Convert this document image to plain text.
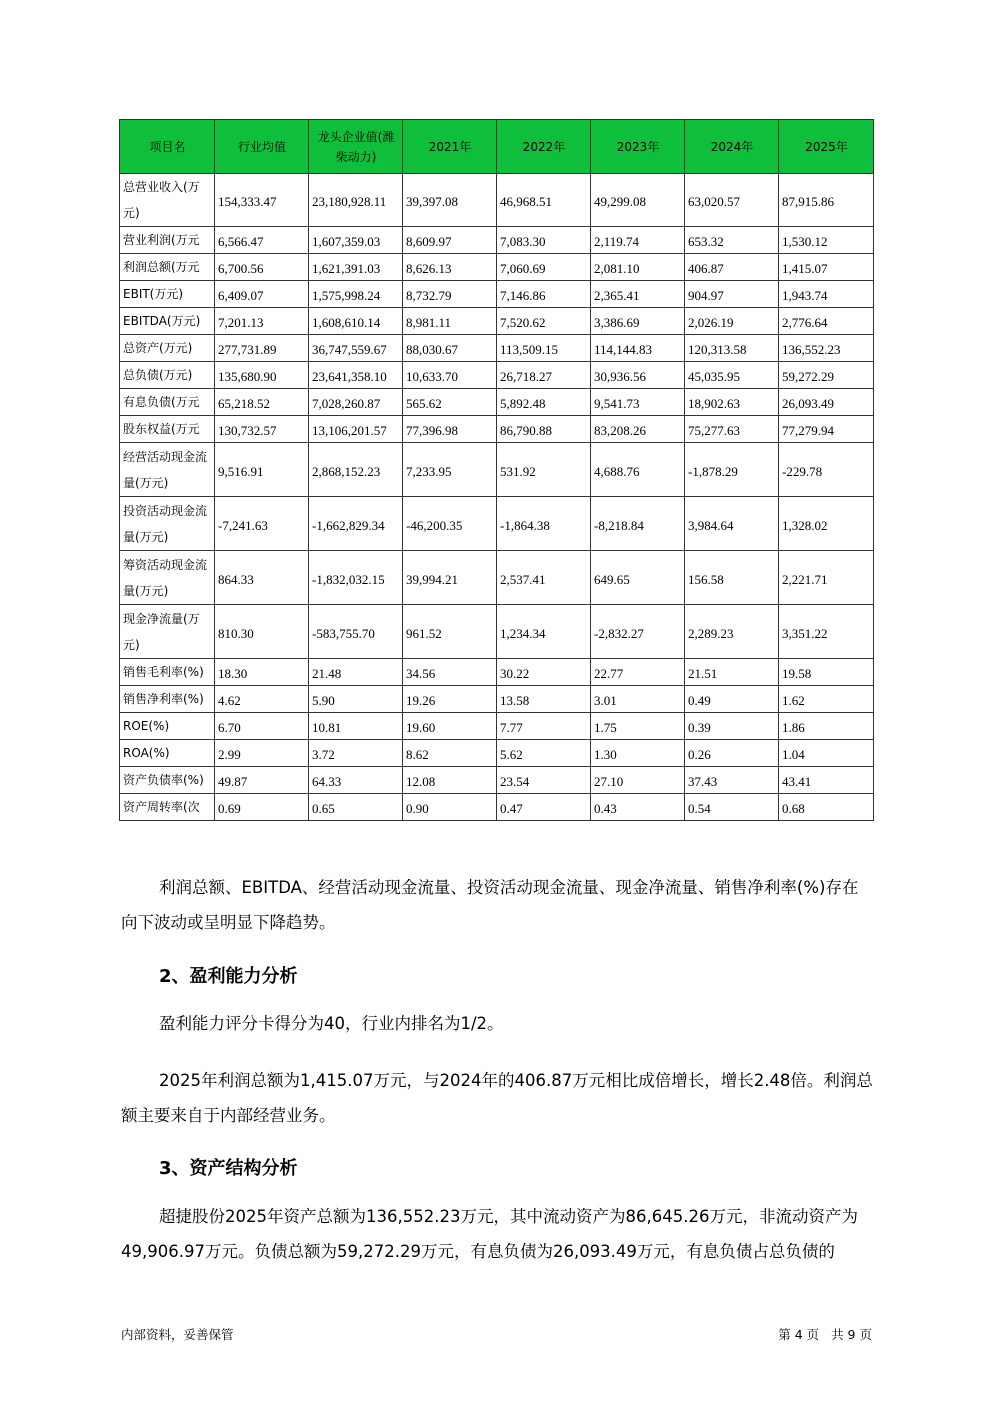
项目名	行业均值	龙头企业值(潍柴动力)	2021年	2022年	2023年	2024年	2025年
总营业收入(万元)	154,333.47	23,180,928.11	39,397.08	46,968.51	49,299.08	63,020.57	87,915.86
营业利润(万元	6,566.47	1,607,359.03	8,609.97	7,083.30	2,119.74	653.32	1,530.12
利润总额(万元	6,700.56	1,621,391.03	8,626.13	7,060.69	2,081.10	406.87	1,415.07
EBIT(万元)	6,409.07	1,575,998.24	8,732.79	7,146.86	2,365.41	904.97	1,943.74
EBITDA(万元)	7,201.13	1,608,610.14	8,981.11	7,520.62	3,386.69	2,026.19	2,776.64
总资产(万元)	277,731.89	36,747,559.67	88,030.67	113,509.15	114,144.83	120,313.58	136,552.23
总负债(万元)	135,680.90	23,641,358.10	10,633.70	26,718.27	30,936.56	45,035.95	59,272.29
有息负债(万元	65,218.52	7,028,260.87	565.62	5,892.48	9,541.73	18,902.63	26,093.49
股东权益(万元	130,732.57	13,106,201.57	77,396.98	86,790.88	83,208.26	75,277.63	77,279.94
经营活动现金流量(万元)	9,516.91	2,868,152.23	7,233.95	531.92	4,688.76	-1,878.29	-229.78
投资活动现金流量(万元)	-7,241.63	-1,662,829.34	-46,200.35	-1,864.38	-8,218.84	3,984.64	1,328.02
筹资活动现金流量(万元)	864.33	-1,832,032.15	39,994.21	2,537.41	649.65	156.58	2,221.71
现金净流量(万元)	810.30	-583,755.70	961.52	1,234.34	-2,832.27	2,289.23	3,351.22
销售毛利率(%)	18.30	21.48	34.56	30.22	22.77	21.51	19.58
销售净利率(%)	4.62	5.90	19.26	13.58	3.01	0.49	1.62
ROE(%)	6.70	10.81	19.60	7.77	1.75	0.39	1.86
ROA(%)	2.99	3.72	8.62	5.62	1.30	0.26	1.04
资产负债率(%)	49.87	64.33	12.08	23.54	27.10	37.43	43.41
资产周转率(次	0.69	0.65	0.90	0.47	0.43	0.54	0.68

利润总额、EBITDA、经营活动现金流量、投资活动现金流量、现金净流量、销售净利率(%)存在向下波动或呈明显下降趋势。

2、盈利能力分析

盈利能力评分卡得分为40，行业内排名为1/2。

2025年利润总额为1,415.07万元，与2024年的406.87万元相比成倍增长，增长2.48倍。利润总额主要来自于内部经营业务。

3、资产结构分析

超捷股份2025年资产总额为136,552.23万元，其中流动资产为86,645.26万元，非流动资产为49,906.97万元。负债总额为59,272.29万元，有息负债为26,093.49万元，有息负债占总负债的

内部资料，妥善保管	第 4 页   共 9 页
